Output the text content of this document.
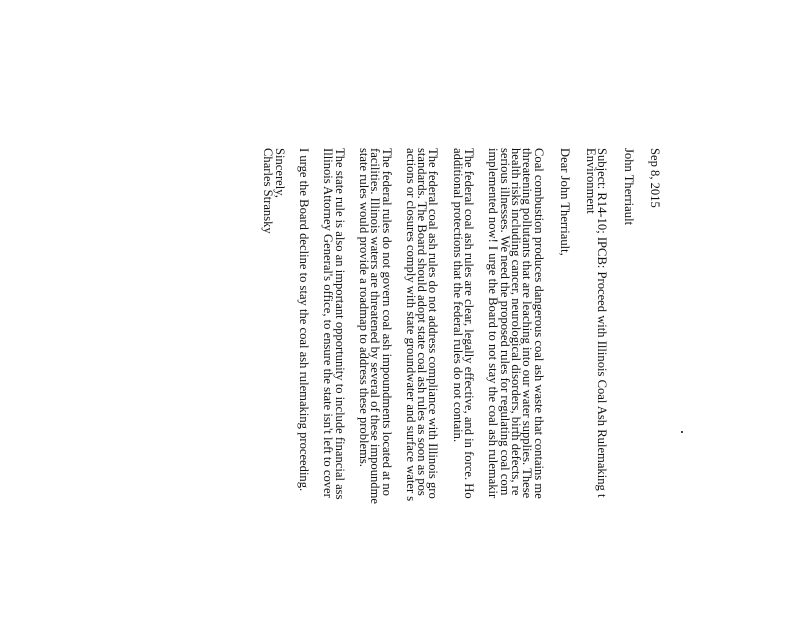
Sep 8, 2015
John Therriault
Subject: R14-10; IPCB: Proceed with Illinois Coal Ash Rulemaking t
Environment
Dear John Therriault,
Coal combustion produces dangerous coal ash waste that contains me
threatening pollutants that are leaching into our water supplies. These
health risks including cancer, neurological disorders, birth defects, re
serious illnesses. We need the proposed rules for regulating coal com
implemented now! I urge the Board to not stay the coal ash rulemakir
The federal coal ash rules are clear, legally effective, and in force. Ho
additional protections that the federal rules do not contain.
The federal coal ash rules do not address compliance with Illinois gro
standards. The Board should adopt state coal ash rules as soon as pos
actions or closures comply with state groundwater and surface water s
The federal rules do not govern coal ash impoundments located at no
facilities. Illinois waters are threatened by several of these impoundme
state rules would provide a roadmap to address these problems.
The state rule is also an important opportunity to include financial ass
Illinois Attorney General's office, to ensure the state isn't left to cover
I urge the Board decline to stay the coal ash rulemaking proceeding.
Sincerely,
Charles Stransky
